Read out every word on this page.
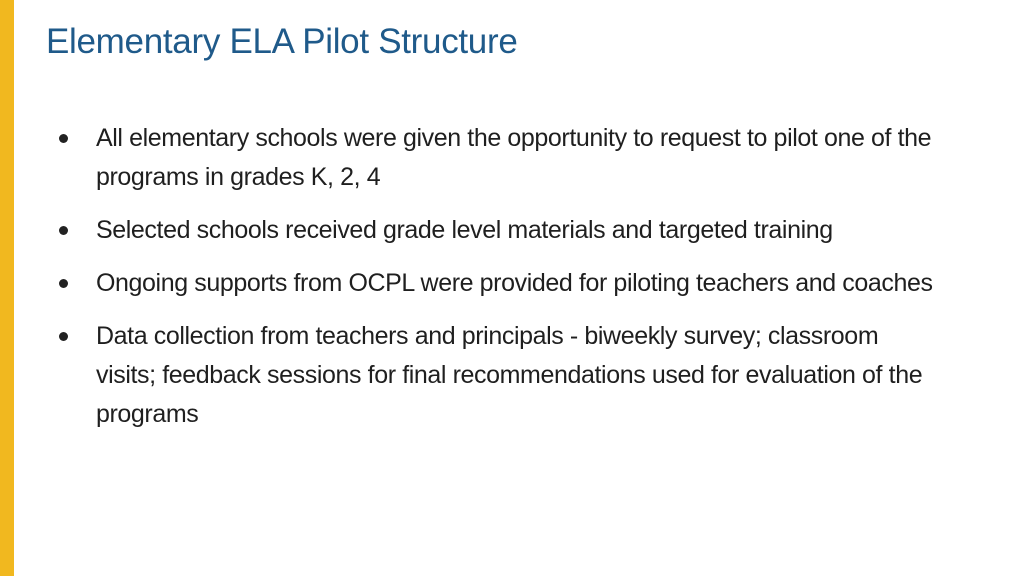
Elementary ELA Pilot Structure
All elementary schools were given the opportunity to request to pilot one of the programs in grades K, 2, 4
Selected schools received grade level materials and targeted training
Ongoing supports from OCPL were provided for piloting teachers and coaches
Data collection from teachers and principals - biweekly survey; classroom visits; feedback sessions for final recommendations used for evaluation of the programs
